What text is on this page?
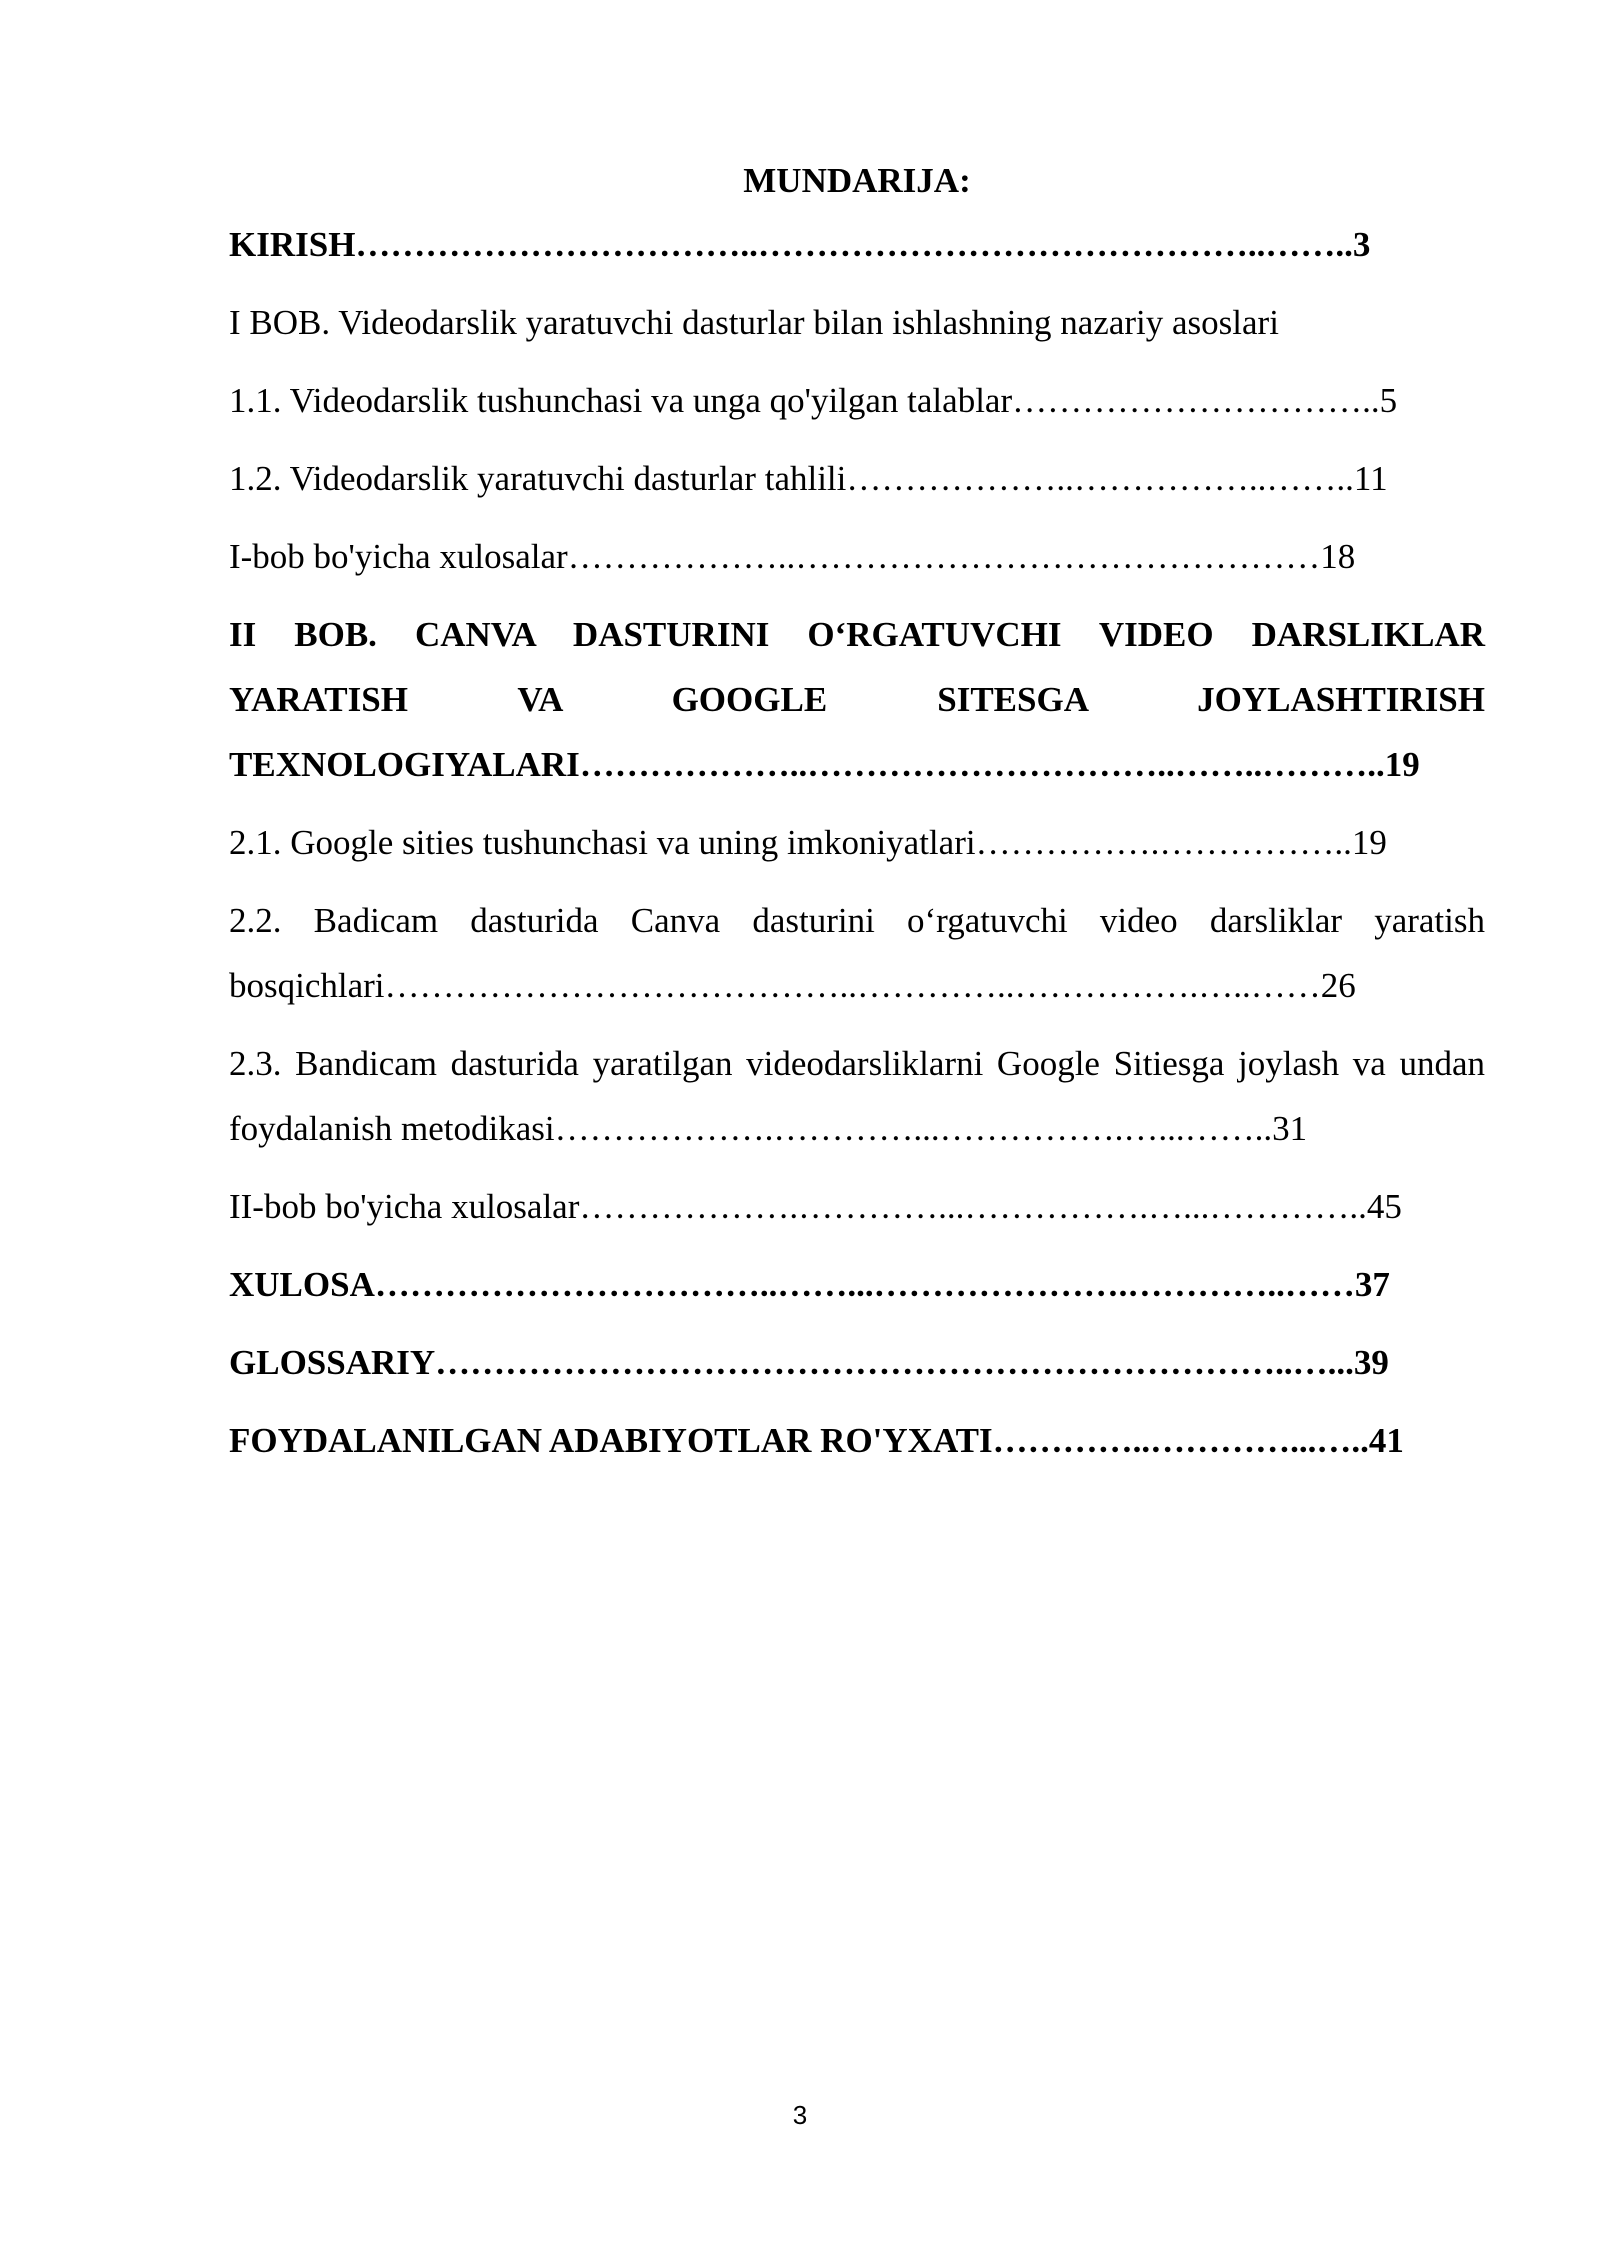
MUNDARIJA:

KIRISH……………………………..……………………………………..……..3

I BOB. Videodarslik yaratuvchi dasturlar bilan ishlashning nazariy asoslari

1.1. Videodarslik tushunchasi va unga qo'yilgan talablar…………………………..5

1.2. Videodarslik yaratuvchi dasturlar tahlili………………..……………..……..11

I-bob bo'yicha xulosalar………………..………………………………………18

II BOB. CANVA DASTURINI O‘RGATUVCHI VIDEO DARSLIKLAR YARATISH VA GOOGLE SITESGA JOYLASHTIRISH TEXNOLOGIYALARI………………..…………………………..……..………..19

2.1. Google sities tushunchasi va uning imkoniyatlari…………….……………..19

2.2. Badicam dasturida Canva dasturini o‘rgatuvchi video darsliklar yaratish bosqichlari…………………………………..…………..…………….…..……26

2.3. Bandicam dasturida yaratilgan videodarsliklarni Google Sitiesga joylash va undan foydalanish metodikasi……………….…………...…………….…...……..31

II-bob bo'yicha xulosalar……………….…………...…………….…...…………..45

XULOSA……………………………..……...………………….…………..……37

GLOSSARIY………………………………………………………………..…...39

FOYDALANILGAN ADABIYOTLAR RO'YXATI…………..…………...…..41

3
